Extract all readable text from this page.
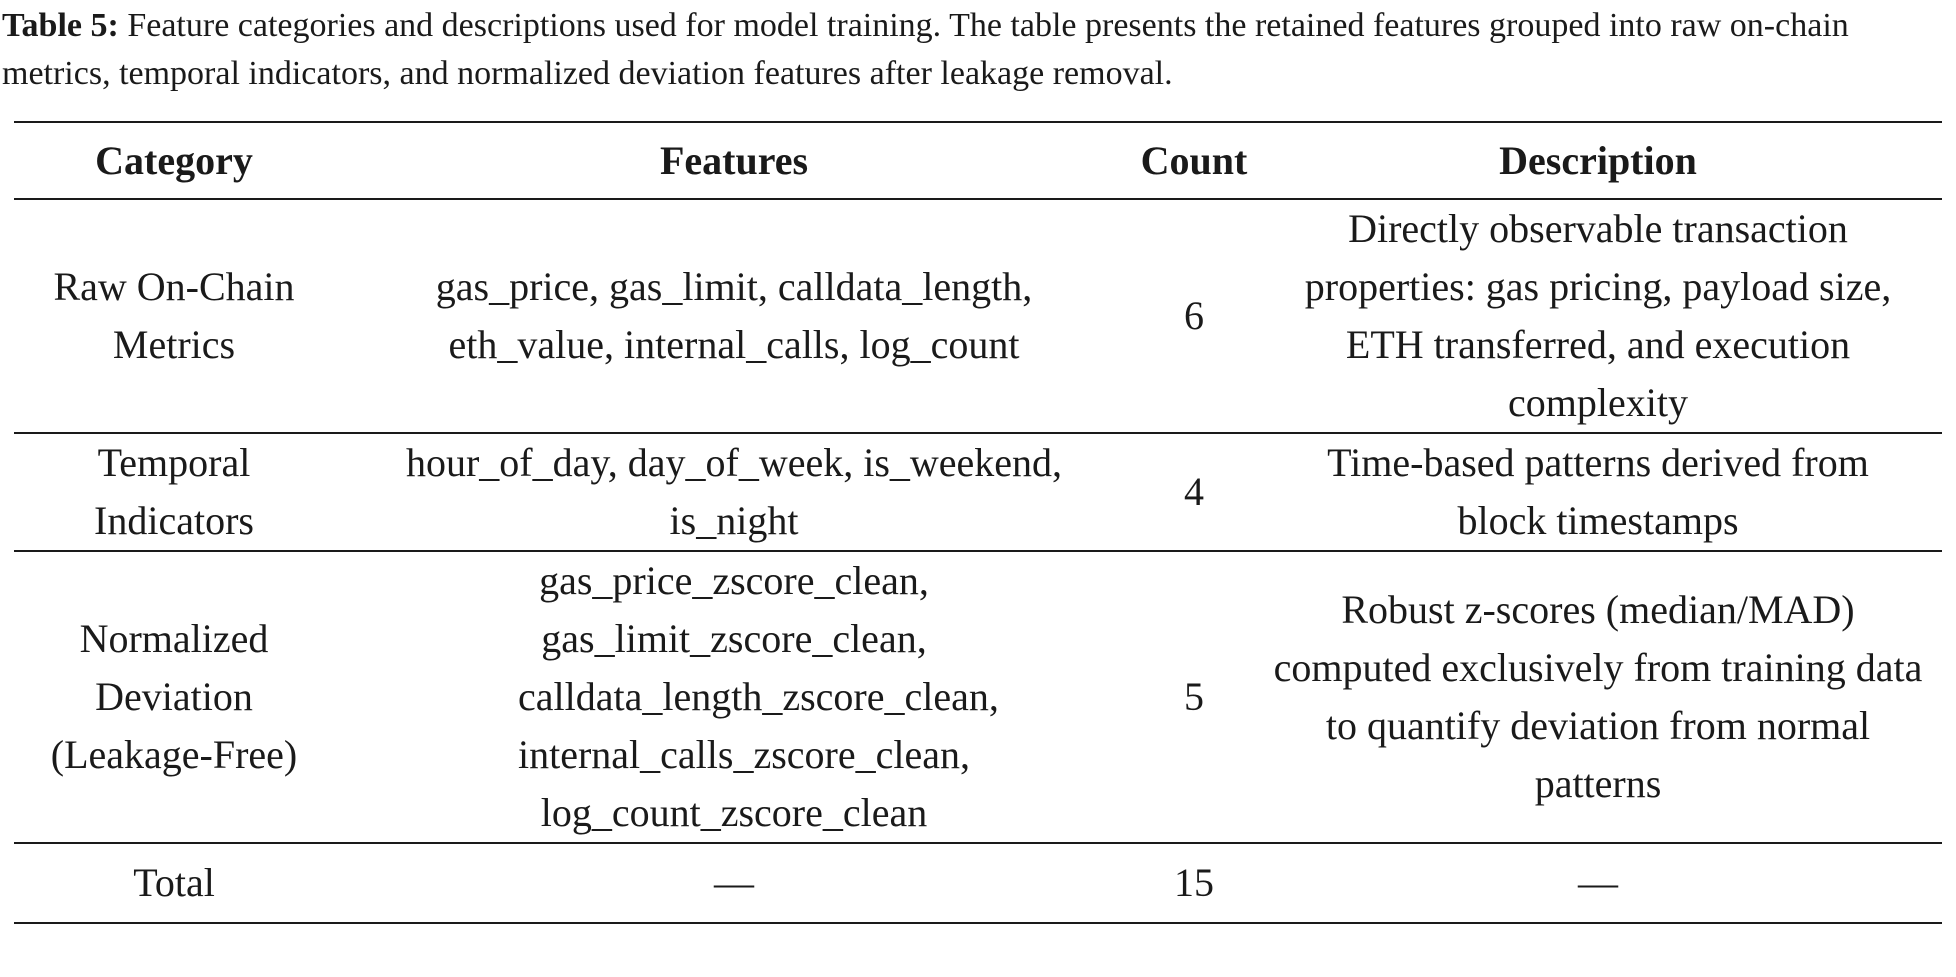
Table 5: Feature categories and descriptions used for model training. The table presents the retained features grouped into raw on-chain metrics, temporal indicators, and normalized deviation features after leakage removal.

Category	Features	Count	Description

Raw On-Chain Metrics	gas_price, gas_limit, calldata_length, eth_value, internal_calls, log_count	6	Directly observable transaction properties: gas pricing, payload size, ETH transferred, and execution complexity

Temporal Indicators	hour_of_day, day_of_week, is_weekend, is_night	4	Time-based patterns derived from block timestamps

Normalized Deviation (Leakage-Free)	gas_price_zscore_clean, gas_limit_zscore_clean, calldata_length_zscore_clean, internal_calls_zscore_clean, log_count_zscore_clean	5	Robust z-scores (median/MAD) computed exclusively from training data to quantify deviation from normal patterns

Total	—	15	—
